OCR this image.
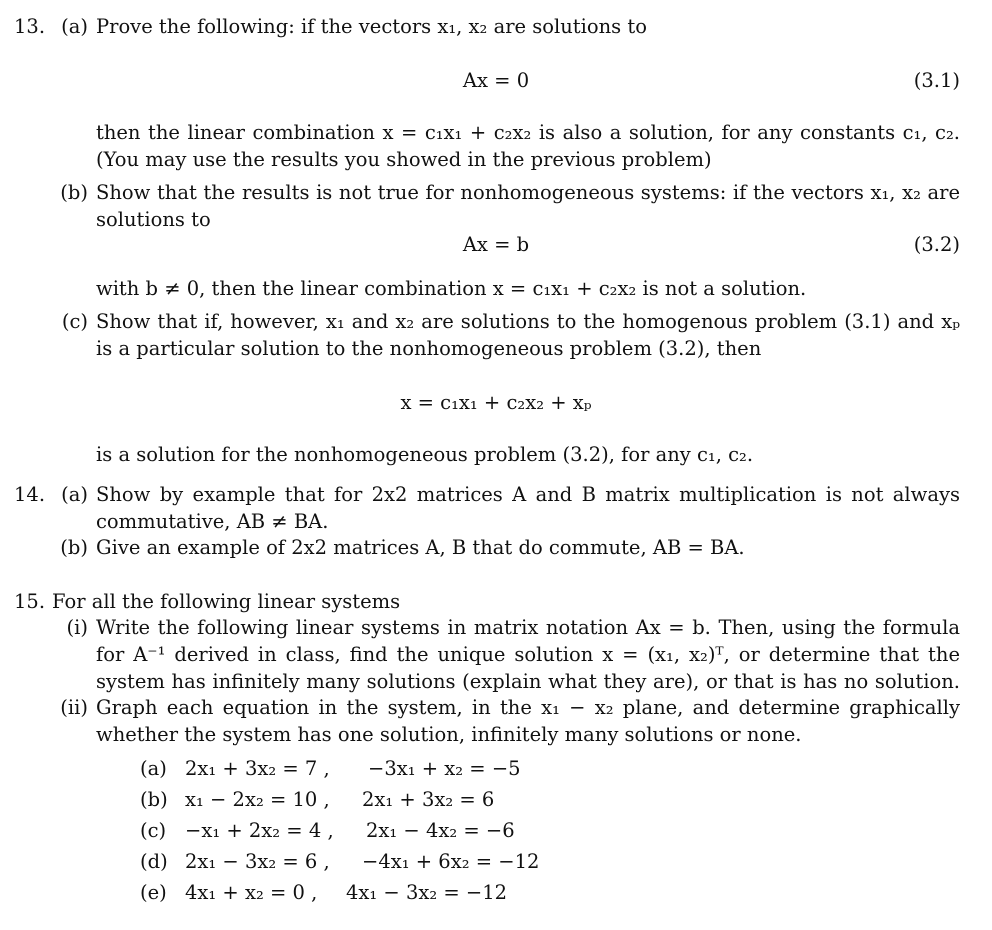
13. (a) Prove the following: if the vectors x₁, x₂ are solutions to
Ax = 0	(3.1)
then the linear combination x = c₁x₁ + c₂x₂ is also a solution, for any constants c₁, c₂.
(You may use the results you showed in the previous problem)
(b) Show that the results is not true for nonhomogeneous systems: if the vectors x₁, x₂ are
solutions to
Ax = b	(3.2)
with b ≠ 0, then the linear combination x = c₁x₁ + c₂x₂ is not a solution.
(c) Show that if, however, x₁ and x₂ are solutions to the homogenous problem (3.1) and xₚ
is a particular solution to the nonhomogeneous problem (3.2), then
x = c₁x₁ + c₂x₂ + xₚ
is a solution for the nonhomogeneous problem (3.2), for any c₁, c₂.
14. (a) Show by example that for 2x2 matrices A and B matrix multiplication is not always
commutative, AB ≠ BA.
(b) Give an example of 2x2 matrices A, B that do commute, AB = BA.
15. For all the following linear systems
(i) Write the following linear systems in matrix notation Ax = b. Then, using the formula
for A⁻¹ derived in class, find the unique solution x = (x₁, x₂)ᵀ, or determine that the
system has infinitely many solutions (explain what they are), or that is has no solution.
(ii) Graph each equation in the system, in the x₁ − x₂ plane, and determine graphically
whether the system has one solution, infinitely many solutions or none.
(a) 2x₁ + 3x₂ = 7 , −3x₁ + x₂ = −5
(b) x₁ − 2x₂ = 10 , 2x₁ + 3x₂ = 6
(c) −x₁ + 2x₂ = 4 , 2x₁ − 4x₂ = −6
(d) 2x₁ − 3x₂ = 6 , −4x₁ + 6x₂ = −12
(e) 4x₁ + x₂ = 0 , 4x₁ − 3x₂ = −12
